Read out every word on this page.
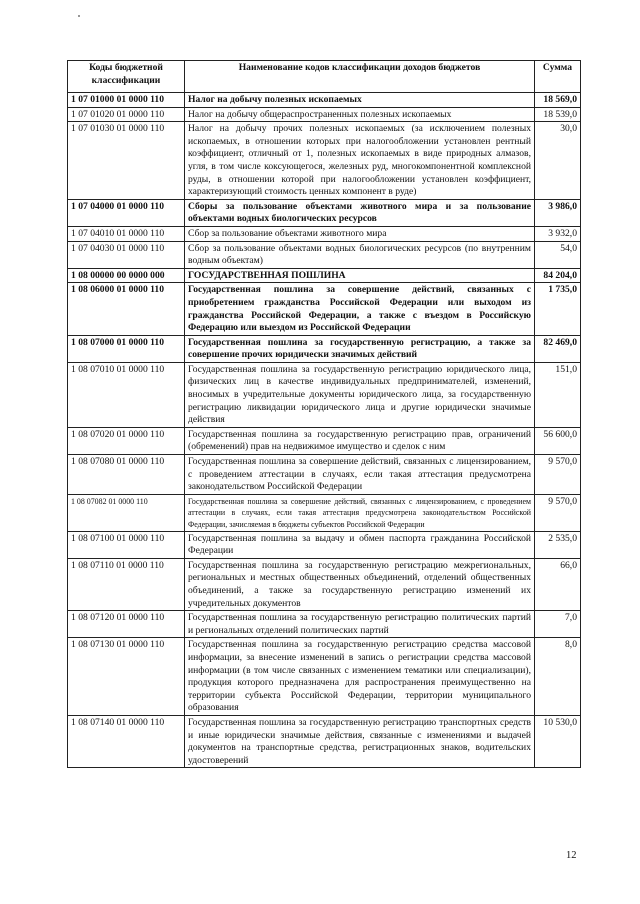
Коды бюджетной классификации	Наименование кодов классификации доходов бюджетов	Сумма
1 07 01000 01 0000 110	Налог на добычу полезных ископаемых	18 569,0
1 07 01020 01 0000 110	Налог на добычу общераспространенных полезных ископаемых	18 539,0
1 07 01030 01 0000 110	Налог на добычу прочих полезных ископаемых (за исключением полезных ископаемых, в отношении которых при налогообложении установлен рентный коэффициент, отличный от 1, полезных ископаемых в виде природных алмазов, угля, в том числе коксующегося, железных руд, многокомпонентной комплексной руды, в отношении которой при налогообложении установлен коэффициент, характеризующий стоимость ценных компонент в руде)	30,0
1 07 04000 01 0000 110	Сборы за пользование объектами животного мира и за пользование объектами водных биологических ресурсов	3 986,0
1 07 04010 01 0000 110	Сбор за пользование объектами животного мира	3 932,0
1 07 04030 01 0000 110	Сбор за пользование объектами водных биологических ресурсов (по внутренним водным объектам)	54,0
1 08 00000 00 0000 000	ГОСУДАРСТВЕННАЯ ПОШЛИНА	84 204,0
1 08 06000 01 0000 110	Государственная пошлина за совершение действий, связанных с приобретением гражданства Российской Федерации или выходом из гражданства Российской Федерации, а также с въездом в Российскую Федерацию или выездом из Российской Федерации	1 735,0
1 08 07000 01 0000 110	Государственная пошлина за государственную регистрацию, а также за совершение прочих юридически значимых действий	82 469,0
1 08 07010 01 0000 110	Государственная пошлина за государственную регистрацию юридического лица, физических лиц в качестве индивидуальных предпринимателей, изменений, вносимых в учредительные документы юридического лица, за государственную регистрацию ликвидации юридического лица и другие юридически значимые действия	151,0
1 08 07020 01 0000 110	Государственная пошлина за государственную регистрацию прав, ограничений (обременений) прав на недвижимое имущество и сделок с ним	56 600,0
1 08 07080 01 0000 110	Государственная пошлина за совершение действий, связанных с лицензированием, с проведением аттестации в случаях, если такая аттестация предусмотрена законодательством Российской Федерации	9 570,0
1 08 07082 01 0000 110	Государственная пошлина за совершение действий, связанных с лицензированием, с проведением аттестации в случаях, если такая аттестация предусмотрена законодательством Российской Федерации, зачисляемая в бюджеты субъектов Российской Федерации	9 570,0
1 08 07100 01 0000 110	Государственная пошлина за выдачу и обмен паспорта гражданина Российской Федерации	2 535,0
1 08 07110 01 0000 110	Государственная пошлина за государственную регистрацию межрегиональных, региональных и местных общественных объединений, отделений общественных объединений, а также за государственную регистрацию изменений их учредительных документов	66,0
1 08 07120 01 0000 110	Государственная пошлина за государственную регистрацию политических партий и региональных отделений политических партий	7,0
1 08 07130 01 0000 110	Государственная пошлина за государственную регистрацию средства массовой информации, за внесение изменений в запись о регистрации средства массовой информации (в том числе связанных с изменением тематики или специализации), продукция которого предназначена для распространения преимущественно на территории субъекта Российской Федерации, территории муниципального образования	8,0
1 08 07140 01 0000 110	Государственная пошлина за государственную регистрацию транспортных средств и иные юридически значимые действия, связанные с изменениями и выдачей документов на транспортные средства, регистрационных знаков, водительских удостоверений	10 530,0
12
